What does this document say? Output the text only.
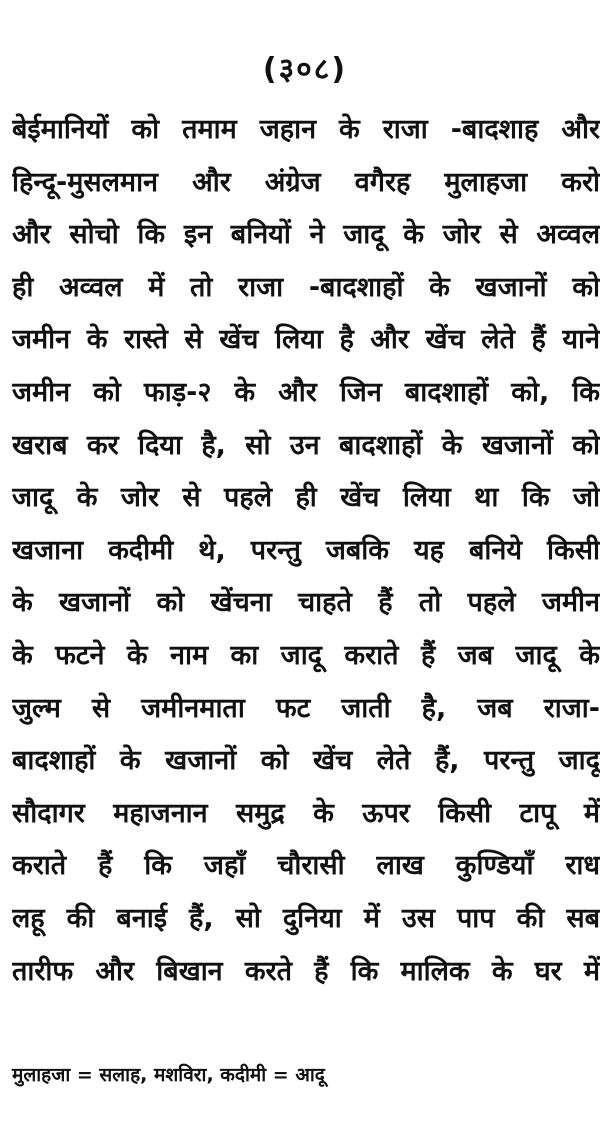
(३०८)
बेईमानियों को तमाम जहान के राजा -बादशाह और
हिन्दू-मुसलमान और अंग्रेज वगैरह मुलाहजा करो
और सोचो कि इन बनियों ने जादू के जोर से अव्वल
ही अव्वल में तो राजा -बादशाहों के खजानों को
जमीन के रास्ते से खेंच लिया है और खेंच लेते हैं याने
जमीन को फाड़-२ के और जिन बादशाहों को, कि
खराब कर दिया है, सो उन बादशाहों के खजानों को
जादू के जोर से पहले ही खेंच लिया था कि जो
खजाना कदीमी थे, परन्तु जबकि यह बनिये किसी
के खजानों को खेंचना चाहते हैं तो पहले जमीन
के फटने के नाम का जादू कराते हैं जब जादू के
जुल्म से जमीनमाता फट जाती है, जब राजा-
बादशाहों के खजानों को खेंच लेते हैं, परन्तु जादू
सौदागर महाजनान समुद्र के ऊपर किसी टापू में
कराते हैं कि जहाँ चौरासी लाख कुण्डियाँ राध
लहू की बनाई हैं, सो दुनिया में उस पाप की सब
तारीफ और बिखान करते हैं कि मालिक के घर में
मुलाहजा = सलाह, मशविरा, कदीमी = आदू
